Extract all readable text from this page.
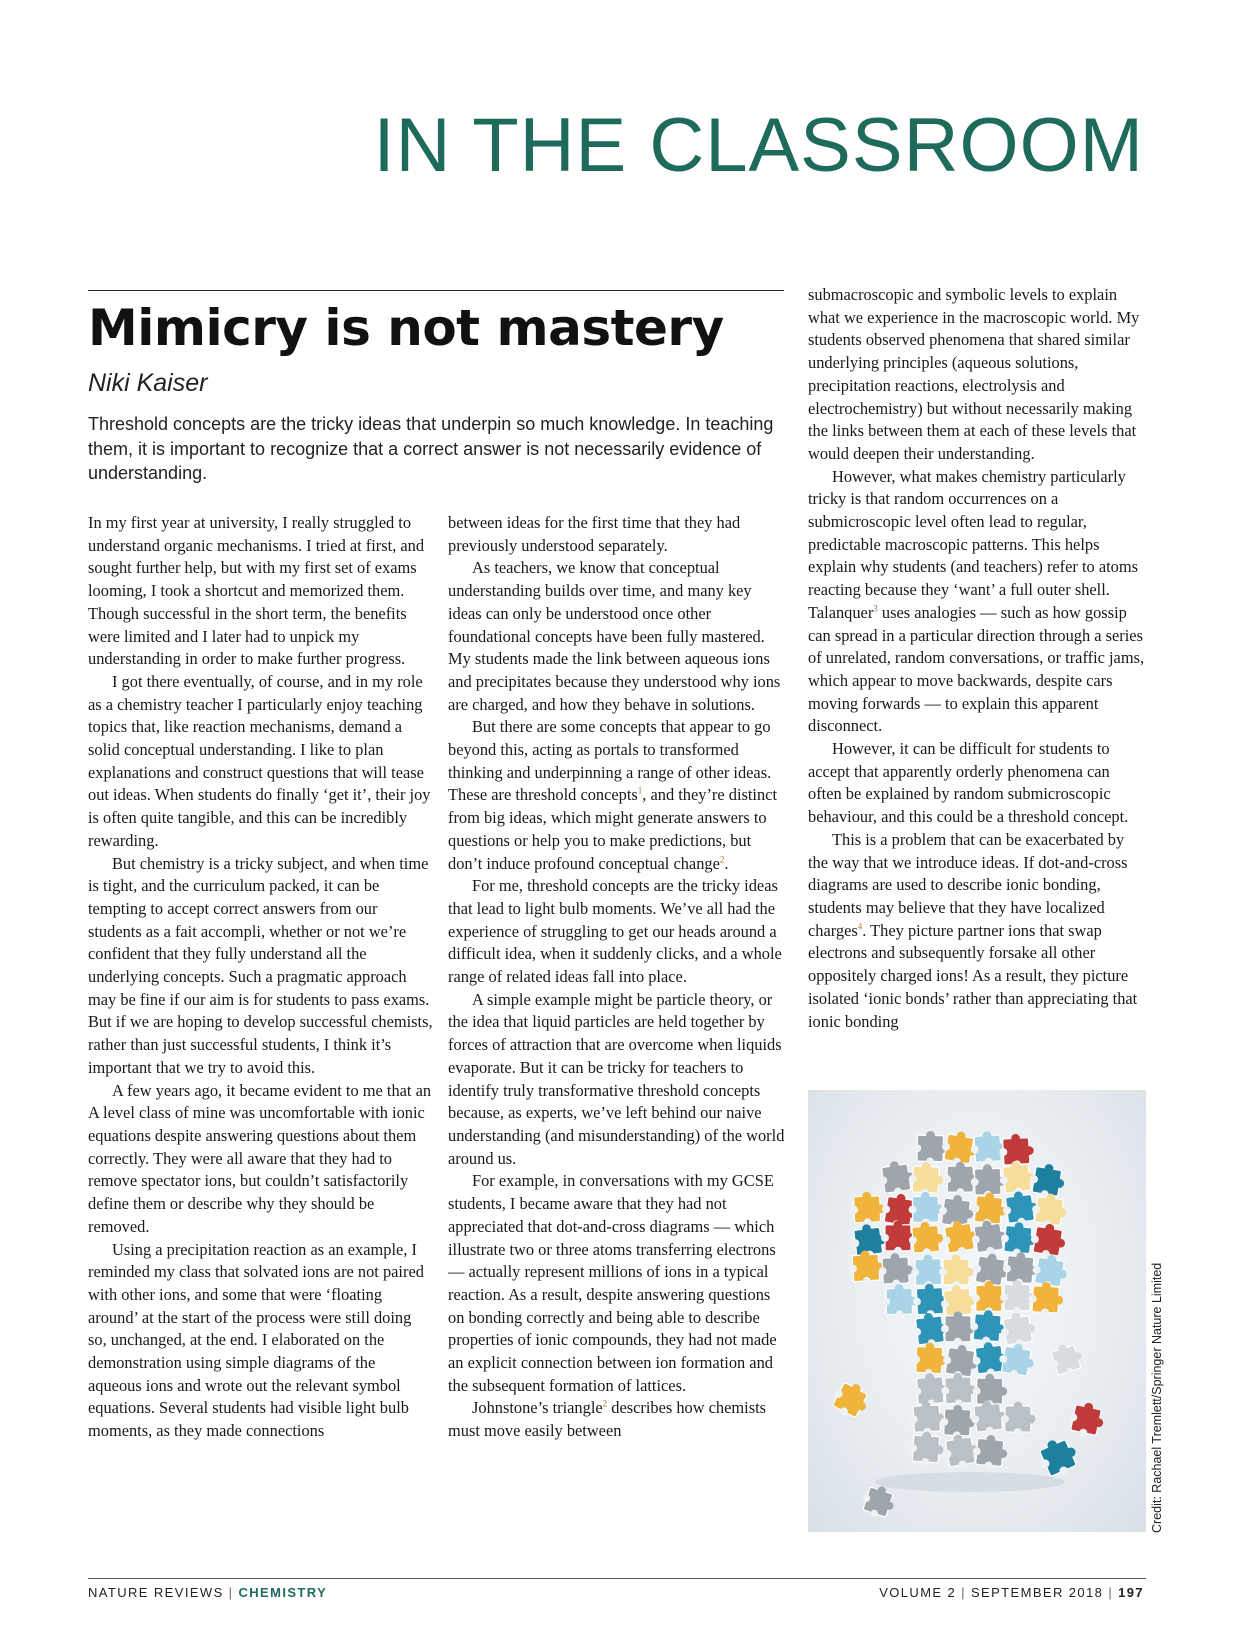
IN THE CLASSROOM
Mimicry is not mastery
Niki Kaiser

Threshold concepts are the tricky ideas that underpin so much knowledge. In teaching them, it is important to recognize that a correct answer is not necessarily evidence of understanding.

In my first year at university, I really struggled to understand organic mechanisms. I tried at first, and sought further help, but with my first set of exams looming, I took a shortcut and memorized them. Though successful in the short term, the benefits were limited and I later had to unpick my understanding in order to make further progress.

I got there eventually, of course, and in my role as a chemistry teacher I particularly enjoy teaching topics that, like reaction mechanisms, demand a solid conceptual understanding. I like to plan explanations and construct questions that will tease out ideas. When students do finally ‘get it’, their joy is often quite tangible, and this can be incredibly rewarding.

But chemistry is a tricky subject, and when time is tight, and the curriculum packed, it can be tempting to accept correct answers from our students as a fait accompli, whether or not we’re confident that they fully understand all the underlying concepts. Such a pragmatic approach may be fine if our aim is for students to pass exams. But if we are hoping to develop successful chemists, rather than just successful students, I think it’s important that we try to avoid this.

A few years ago, it became evident to me that an A level class of mine was uncomfortable with ionic equations despite answering questions about them correctly. They were all aware that they had to remove spectator ions, but couldn’t satisfactorily define them or describe why they should be removed.

Using a precipitation reaction as an example, I reminded my class that solvated ions are not paired with other ions, and some that were ‘floating around’ at the start of the process were still doing so, unchanged, at the end. I elaborated on the demonstration using simple diagrams of the aqueous ions and wrote out the relevant symbol equations. Several students had visible light bulb moments, as they made connections

between ideas for the first time that they had previously understood separately.

As teachers, we know that conceptual understanding builds over time, and many key ideas can only be understood once other foundational concepts have been fully mastered. My students made the link between aqueous ions and precipitates because they understood why ions are charged, and how they behave in solutions.

But there are some concepts that appear to go beyond this, acting as portals to transformed thinking and underpinning a range of other ideas. These are threshold concepts$^1$, and they’re distinct from big ideas, which might generate answers to questions or help you to make predictions, but don’t induce profound conceptual change$^2$.

For me, threshold concepts are the tricky ideas that lead to light bulb moments. We’ve all had the experience of struggling to get our heads around a difficult idea, when it suddenly clicks, and a whole range of related ideas fall into place.

A simple example might be particle theory, or the idea that liquid particles are held together by forces of attraction that are overcome when liquids evaporate. But it can be tricky for teachers to identify truly transformative threshold concepts because, as experts, we’ve left behind our naive understanding (and misunderstanding) of the world around us.

For example, in conversations with my GCSE students, I became aware that they had not appreciated that dot-and-cross diagrams — which illustrate two or three atoms transferring electrons — actually represent millions of ions in a typical reaction. As a result, despite answering questions on bonding correctly and being able to describe properties of ionic compounds, they had not made an explicit connection between ion formation and the subsequent formation of lattices.

Johnstone’s triangle$^2$ describes how chemists must move easily between

submacroscopic and symbolic levels to explain what we experience in the macroscopic world. My students observed phenomena that shared similar underlying principles (aqueous solutions, precipitation reactions, electrolysis and electrochemistry) but without necessarily making the links between them at each of these levels that would deepen their understanding.

However, what makes chemistry particularly tricky is that random occurrences on a submicroscopic level often lead to regular, predictable macroscopic patterns. This helps explain why students (and teachers) refer to atoms reacting because they ‘want’ a full outer shell. Talanquer$^3$ uses analogies — such as how gossip can spread in a particular direction through a series of unrelated, random conversations, or traffic jams, which appear to move backwards, despite cars moving forwards — to explain this apparent disconnect.

However, it can be difficult for students to accept that apparently orderly phenomena can often be explained by random submicroscopic behaviour, and this could be a threshold concept.

This is a problem that can be exacerbated by the way that we introduce ideas. If dot-and-cross diagrams are used to describe ionic bonding, students may believe that they have localized charges$^4$. They picture partner ions that swap electrons and subsequently forsake all other oppositely charged ions! As a result, they picture isolated ‘ionic bonds’ rather than appreciating that ionic bonding

Credit: Rachael Tremlett/Springer Nature Limited
NATURE REVIEWS | CHEMISTRY	VOLUME 2 | SEPTEMBER 2018 | 197
